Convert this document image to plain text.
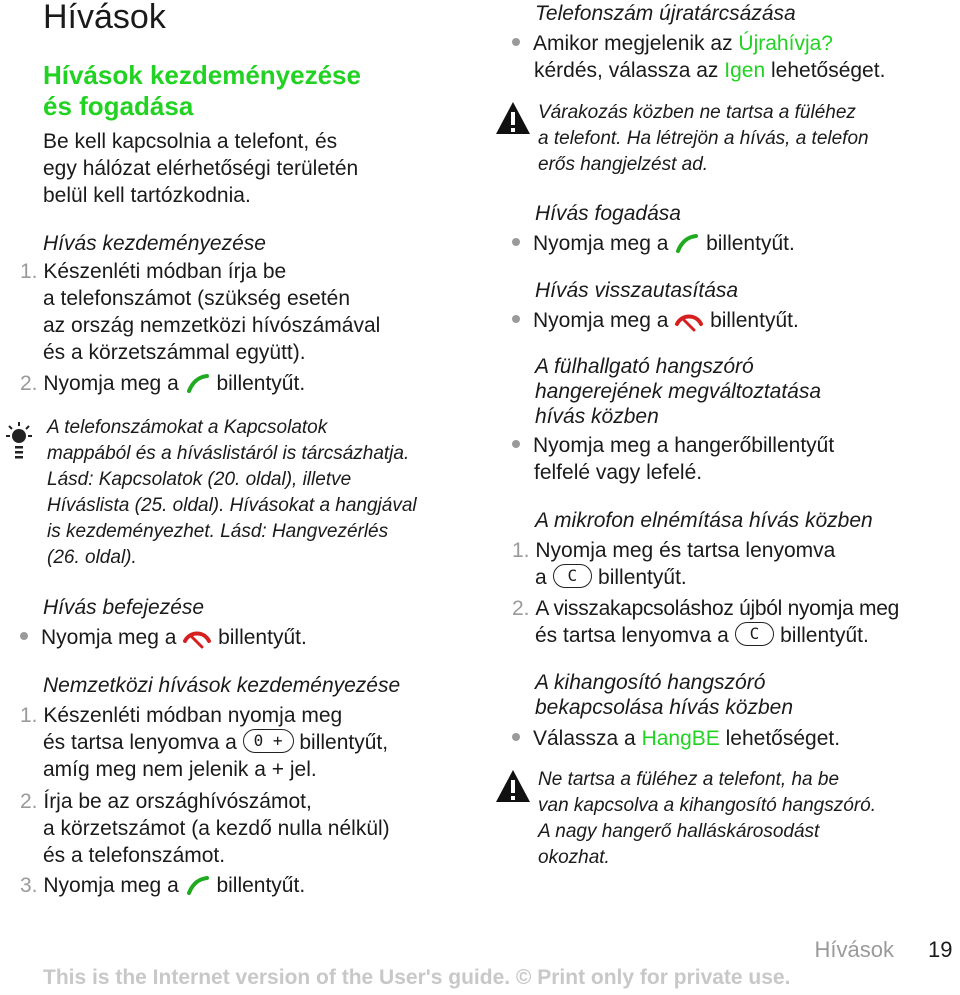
Hívások
Hívások kezdeményezése
és fogadása
Be kell kapcsolnia a telefont, és
egy hálózat elérhetőségi területén
belül kell tartózkodnia.
Hívás kezdeményezése
1. Készenléti módban írja be
a telefonszámot (szükség esetén
az ország nemzetközi hívószámával
és a körzetszámmal együtt).
2. Nyomja meg a billentyűt.
A telefonszámokat a Kapcsolatok
mappából és a híváslistáról is tárcsázhatja.
Lásd: Kapcsolatok (20. oldal), illetve
Híváslista (25. oldal). Hívásokat a hangjával
is kezdeményezhet. Lásd: Hangvezérlés
(26. oldal).
Hívás befejezése
Nyomja meg a billentyűt.
Nemzetközi hívások kezdeményezése
1. Készenléti módban nyomja meg
és tartsa lenyomva a 0 + billentyűt,
amíg meg nem jelenik a + jel.
2. Írja be az országhívószámot,
a körzetszámot (a kezdő nulla nélkül)
és a telefonszámot.
3. Nyomja meg a billentyűt.
Telefonszám újratárcsázása
Amikor megjelenik az Újrahívja?
kérdés, válassza az Igen lehetőséget.
Várakozás közben ne tartsa a füléhez
a telefont. Ha létrejön a hívás, a telefon
erős hangjelzést ad.
Hívás fogadása
Nyomja meg a billentyűt.
Hívás visszautasítása
Nyomja meg a billentyűt.
A fülhallgató hangszóró
hangerejének megváltoztatása
hívás közben
Nyomja meg a hangerőbillentyűt
felfelé vagy lefelé.
A mikrofon elnémítása hívás közben
1. Nyomja meg és tartsa lenyomva
a C billentyűt.
2. A visszakapcsoláshoz újból nyomja meg
és tartsa lenyomva a C billentyűt.
A kihangosító hangszóró
bekapcsolása hívás közben
Válassza a HangBE lehetőséget.
Ne tartsa a füléhez a telefont, ha be
van kapcsolva a kihangosító hangszóró.
A nagy hangerő halláskárosodást
okozhat.
Hívások 19
This is the Internet version of the User's guide. © Print only for private use.
